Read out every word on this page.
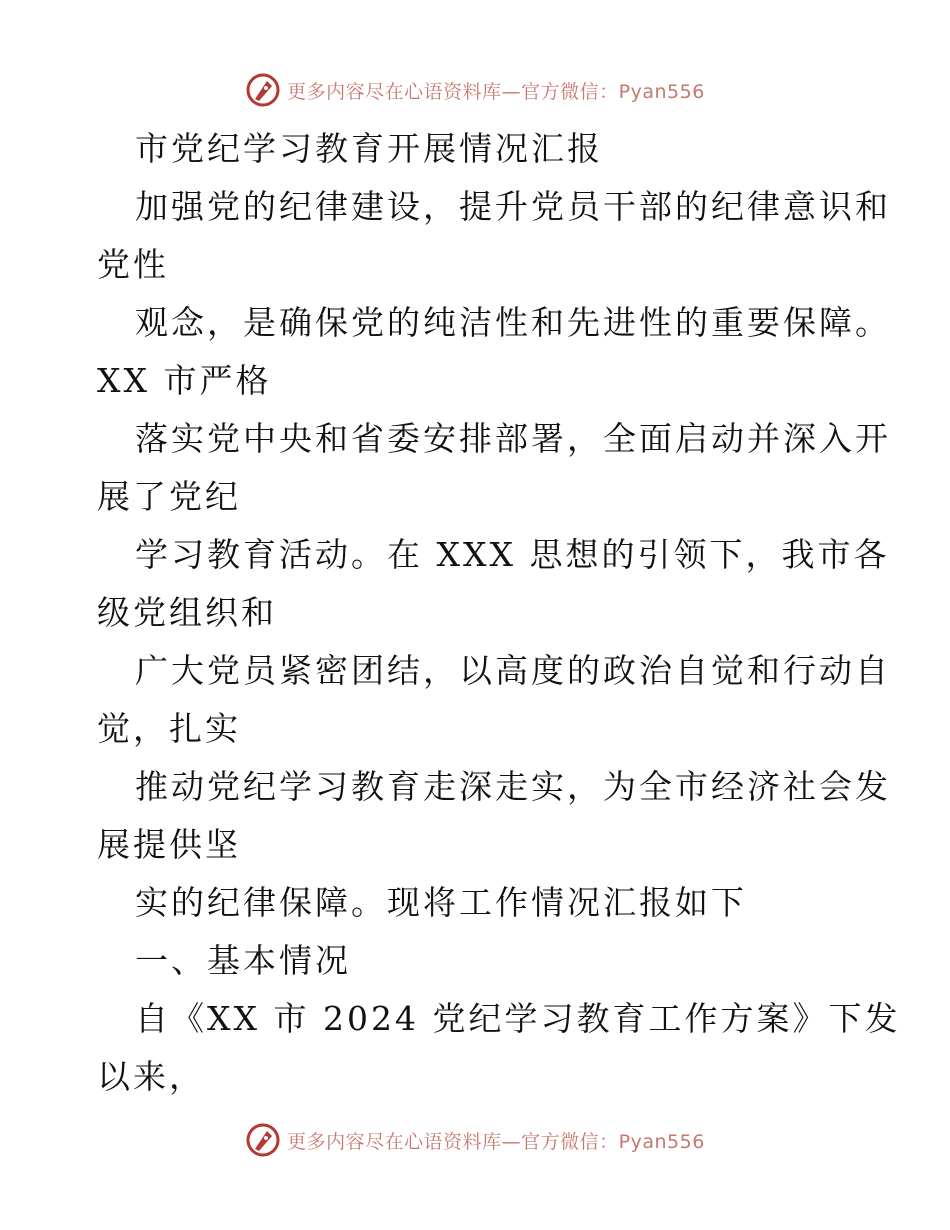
更多内容尽在心语资料库—官方微信：Pyan556
市党纪学习教育开展情况汇报
加强党的纪律建设，提升党员干部的纪律意识和
党性
观念，是确保党的纯洁性和先进性的重要保障。
XX 市严格
落实党中央和省委安排部署，全面启动并深入开
展了党纪
学习教育活动。在 XXX 思想的引领下，我市各
级党组织和
广大党员紧密团结，以高度的政治自觉和行动自
觉，扎实
推动党纪学习教育走深走实，为全市经济社会发
展提供坚
实的纪律保障。现将工作情况汇报如下
一、基本情况
自《XX 市 2024 党纪学习教育工作方案》下发
以来，
更多内容尽在心语资料库—官方微信：Pyan556
